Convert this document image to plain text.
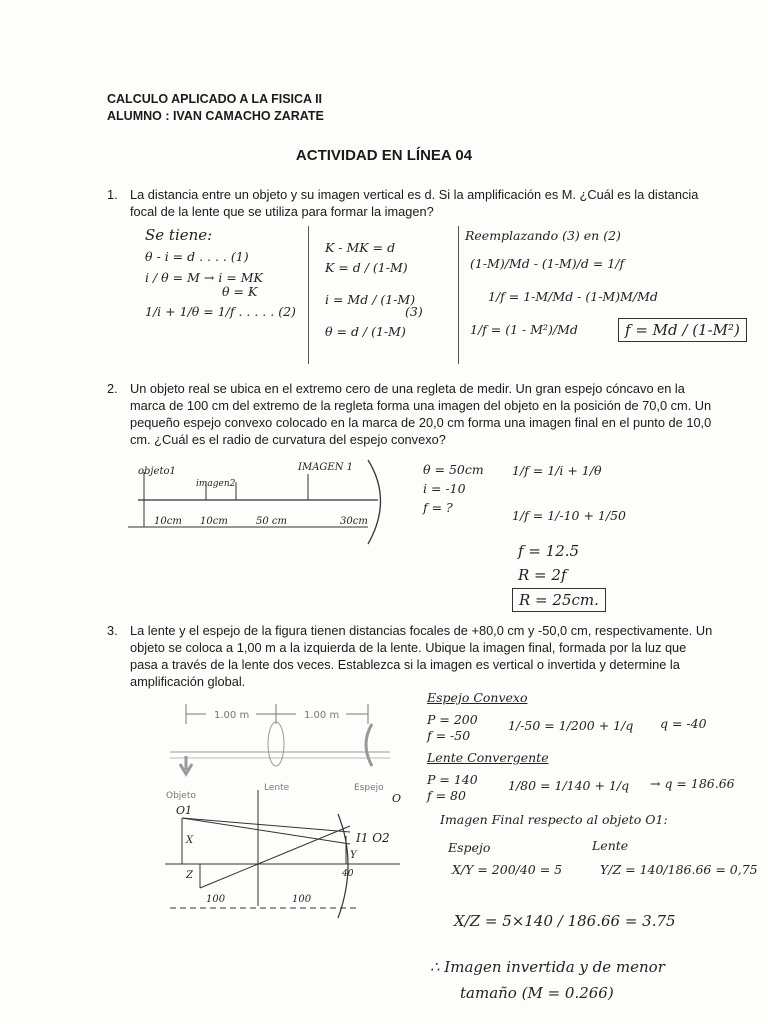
CALCULO APLICADO A LA FISICA II
ALUMNO : IVAN CAMACHO ZARATE
ACTIVIDAD EN LÍNEA 04
1. La distancia entre un objeto y su imagen vertical es d. Si la amplificación es M. ¿Cuál es la distancia focal de la lente que se utiliza para formar la imagen?
Se tiene:
θ - i = d . . . . (1)
i / θ = M → i = MK
θ = K
1/i + 1/θ = 1/f . . . . . (2)
K - MK = d
K = d / (1-M)
i = Md / (1-M)
θ = d / (1-M)
(3)
Reemplazando (3) en (2)
(1-M)/Md - (1-M)/d = 1/f
1/f = 1-M/Md - (1-M)M/Md
1/f = (1 - M²)/Md	f = Md / (1-M²)
2. Un objeto real se ubica en el extremo cero de una regleta de medir. Un gran espejo cóncavo en la marca de 100 cm del extremo de la regleta forma una imagen del objeto en la posición de 70,0 cm. Un pequeño espejo convexo colocado en la marca de 20,0 cm forma una imagen final en el punto de 10,0 cm. ¿Cuál es el radio de curvatura del espejo convexo?
objeto1
imagen2
IMAGEN 1
10cm 10cm	50 cm	30cm
θ = 50cm
i = -10
f = ?
1/f = 1/i + 1/θ
1/f = 1/-10 + 1/50
f = 12.5
R = 2f
R = 25cm.
3. La lente y el espejo de la figura tienen distancias focales de +80,0 cm y -50,0 cm, respectivamente. Un objeto se coloca a 1,00 m a la izquierda de la lente. Ubique la imagen final, formada por la luz que pasa a través de la lente dos veces. Establezca si la imagen es vertical o invertida y determine la amplificación global.
1.00 m	1.00 m
Objeto
Lente	Espejo
O
O1
X
Y
Z
I1 O2
40
100	100
Espejo Convexo
P = 200
f = -50
1/-50 = 1/200 + 1/q q = -40
Lente Convergente
P = 140
f = 80
1/80 = 1/140 + 1/q → q = 186.66
Imagen Final respecto al objeto O1:
Espejo	Lente
X/Y = 200/40 = 5	Y/Z = 140/186.66 = 0,75
X/Z = 5×140 / 186.66 = 3.75
∴ Imagen invertida y de menor
tamaño (M = 0.266)
